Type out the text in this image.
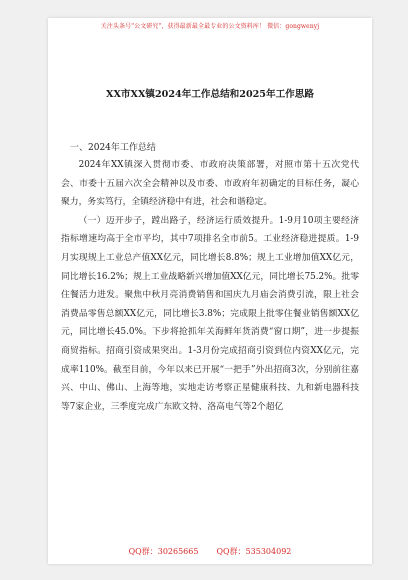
关注头条号"公文研究"，获得最新最全最专业的公文资料库！ 微信：gongwenyj
XX市XX镇2024年工作总结和2025年工作思路
一、2024年工作总结

2024年XX镇深入贯彻市委、市政府决策部署，对照市第十五次党代会、市委十五届六次全会精神以及市委、市政府年初确定的目标任务，凝心聚力，务实笃行，全镇经济稳中有进，社会和谐稳定。

（一）迈开步子，蹚出路子，经济运行质效提升。1-9月10项主要经济指标增速均高于全市平均，其中7项排名全市前5。工业经济稳进提质。1-9月实现规上工业总产值XX亿元，同比增长8.8%；规上工业增加值XX亿元，同比增长16.2%；规上工业战略新兴增加值XX亿元，同比增长75.2%。批零住餐活力进发。聚焦中秋月亮消费销售和国庆九月庙会消费引流，限上社会消费品零售总额XX亿元，同比增长3.8%；完成限上批零住餐业销售额XX亿元，同比增长45.0%。下步将抢抓年关海鲜年货消费“窗口期”，进一步提振商贸指标。招商引资成果突出。1-3月份完成招商引资到位内资XX亿元，完成率110%。截至目前，今年以来已开展“一把手”外出招商3次，分别前往嘉兴、中山、佛山、上海等地，实地走访考察正星健康科技、九和新电器科技等7家企业，三季度完成广东欧文特、洛高电气等2个超亿

QQ群：30265665 QQ群：535304092
